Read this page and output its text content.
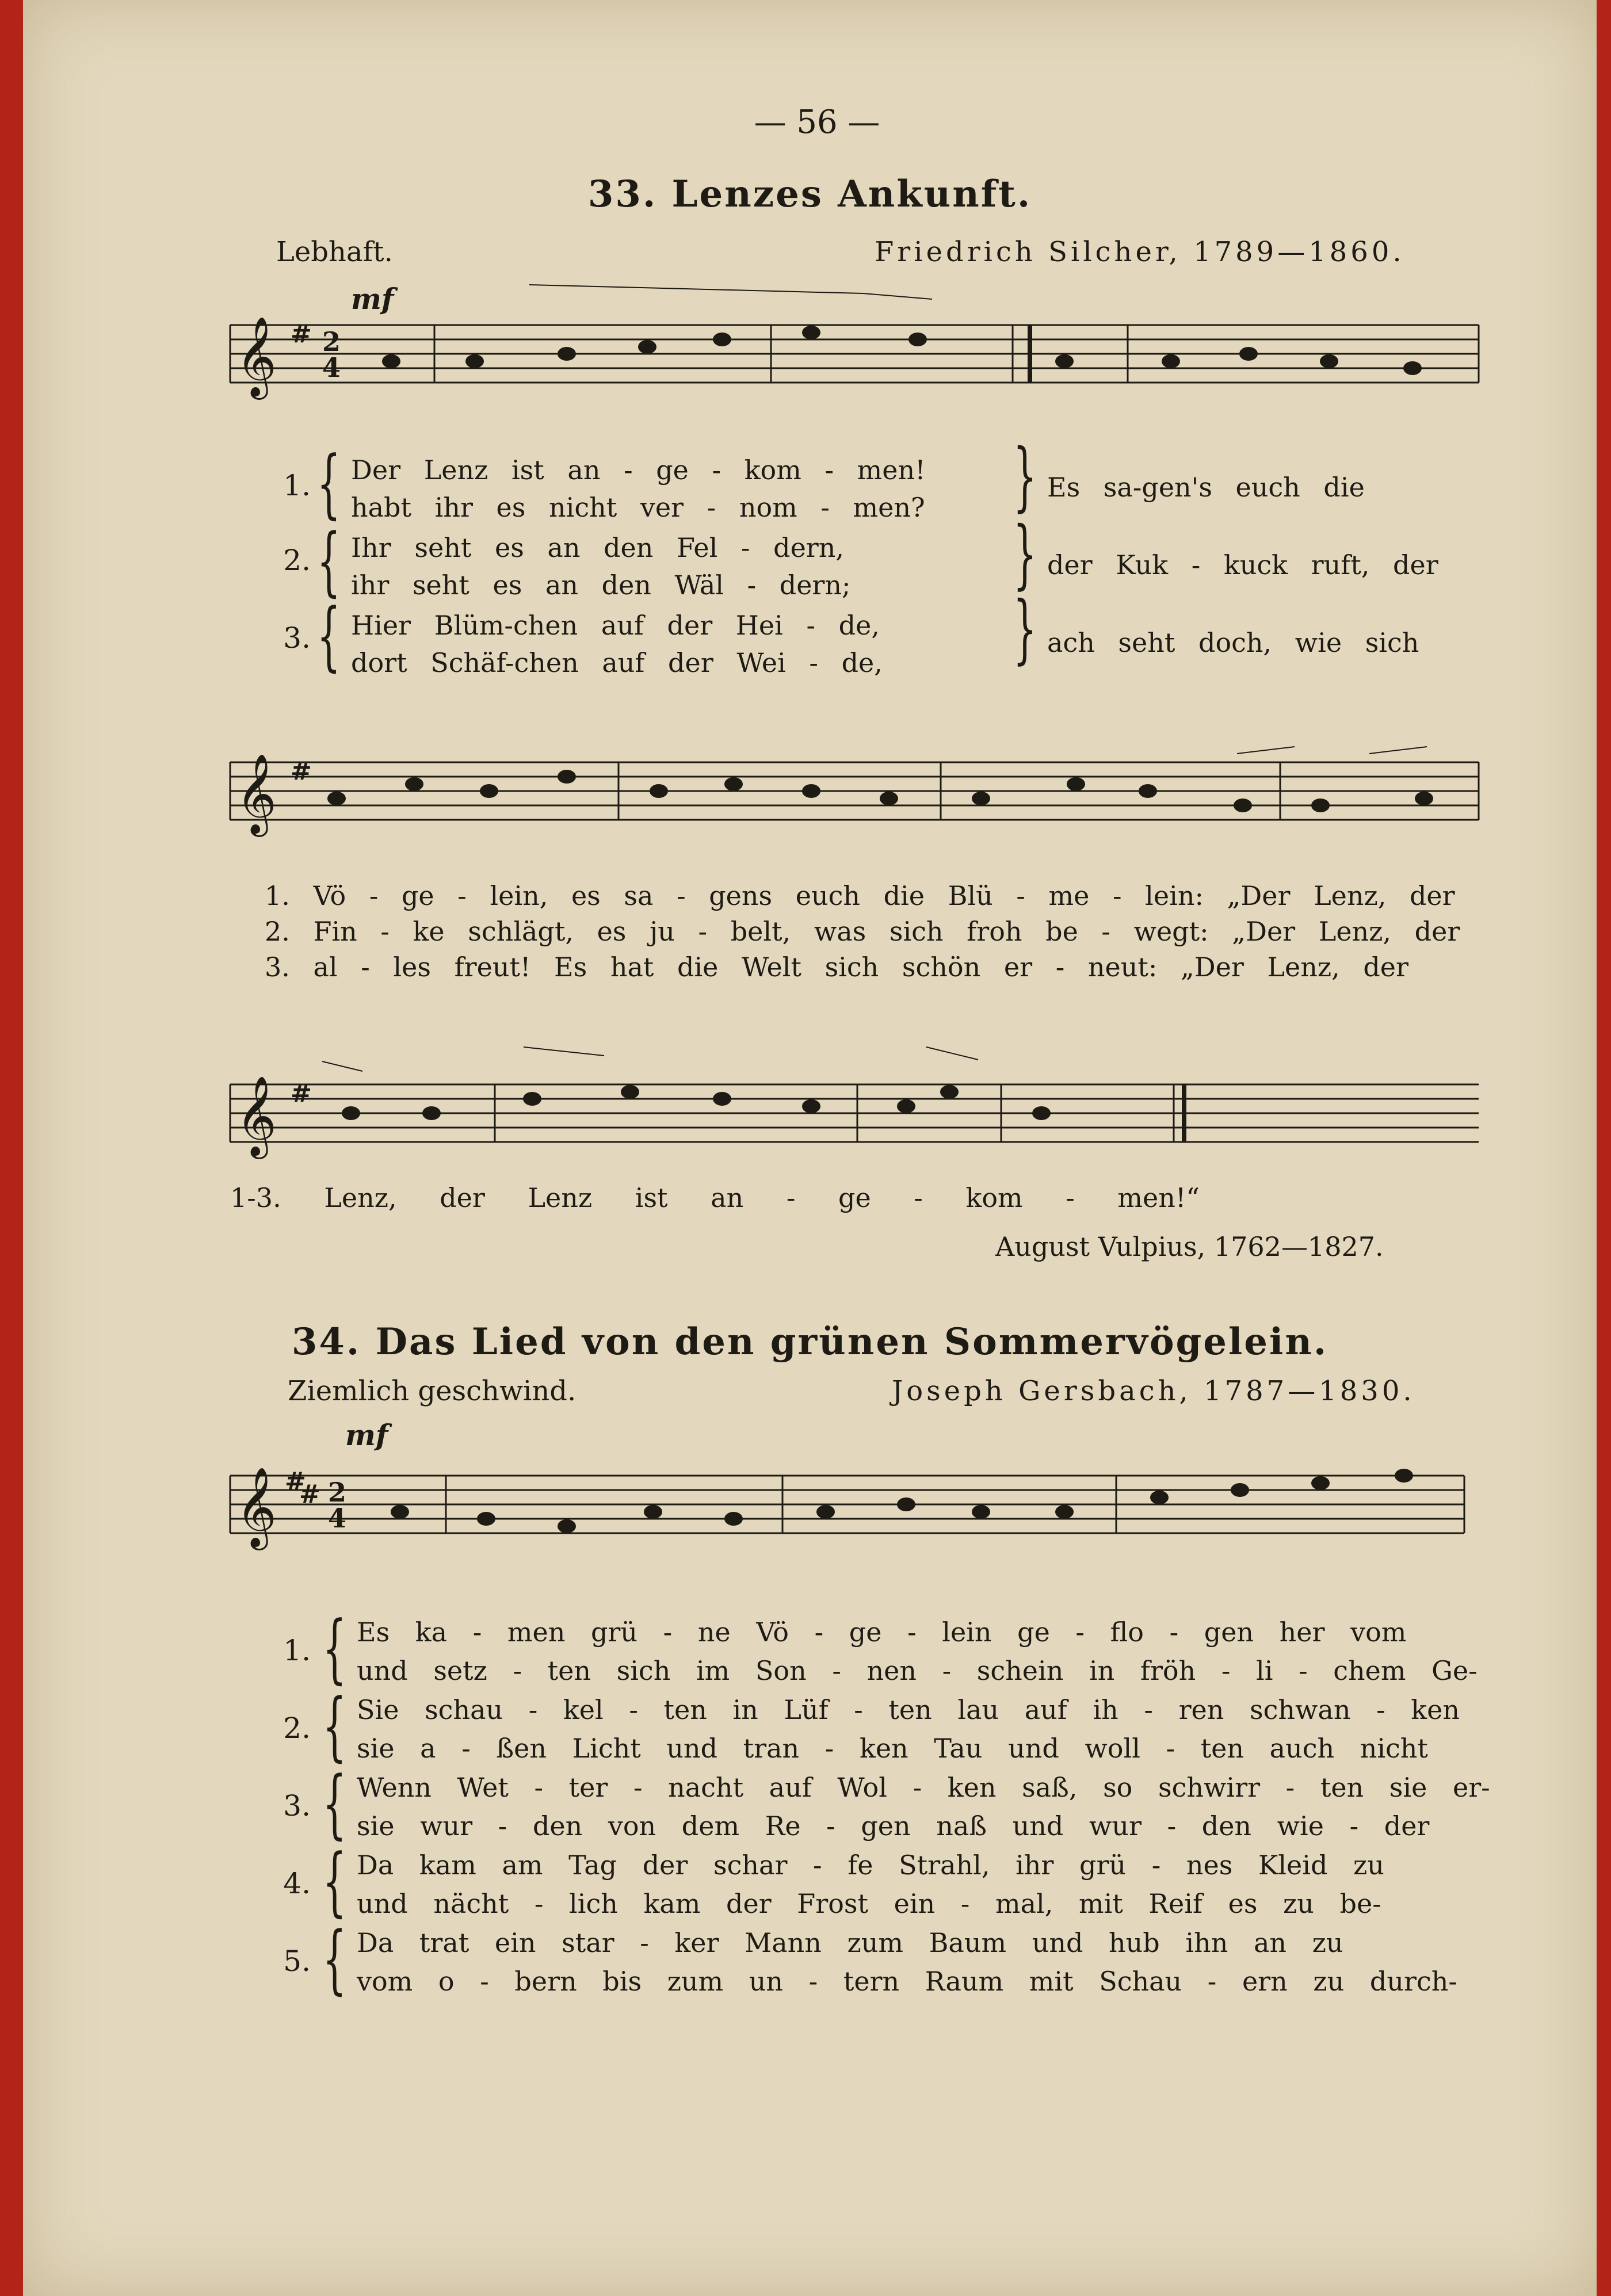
— 56 —
33. Lenzes Ankunft.
Lebhaft.	Friedrich Silcher, 1789—1860.
mf
𝄞 # 2
4
1.
2.
3.
{
{
{
Der Lenz ist an - ge - kom - men!
habt ihr es nicht ver - nom - men?
Ihr seht es an den Fel - dern,
ihr seht es an den Wäl - dern;
Hier Blüm-chen auf der Hei - de,
dort Schäf-chen auf der Wei - de,
{
{
{
Es sa-gen's euch die
der Kuk - kuck ruft, der
ach seht doch, wie sich
𝄞 #
1. Vö - ge - lein, es sa - gens euch die Blü - me - lein: „Der Lenz, der
2. Fin - ke schlägt, es ju - belt, was sich froh be - wegt: „Der Lenz, der
3. al - les freut! Es hat die Welt sich schön er - neut: „Der Lenz, der
𝄞 #
1-3. Lenz, der Lenz ist an - ge - kom - men!“
August Vulpius, 1762—1827.
34. Das Lied von den grünen Sommervögelein.
Ziemlich geschwind.	Joseph Gersbach, 1787—1830.
mf
𝄞 #
# 2
4
1.
2.
3.
4.
5.
{
{
{
{
{
Es ka - men grü - ne Vö - ge - lein ge - flo - gen her vom
und setz - ten sich im Son - nen - schein in fröh - li - chem Ge-
Sie schau - kel - ten in Lüf - ten lau auf ih - ren schwan - ken
sie a - ßen Licht und tran - ken Tau und woll - ten auch nicht
Wenn Wet - ter - nacht auf Wol - ken saß, so schwirr - ten sie er-
sie wur - den von dem Re - gen naß und wur - den wie - der
Da kam am Tag der schar - fe Strahl, ihr grü - nes Kleid zu
und nächt - lich kam der Frost ein - mal, mit Reif es zu be-
Da trat ein star - ker Mann zum Baum und hub ihn an zu
vom o - bern bis zum un - tern Raum mit Schau - ern zu durch-
